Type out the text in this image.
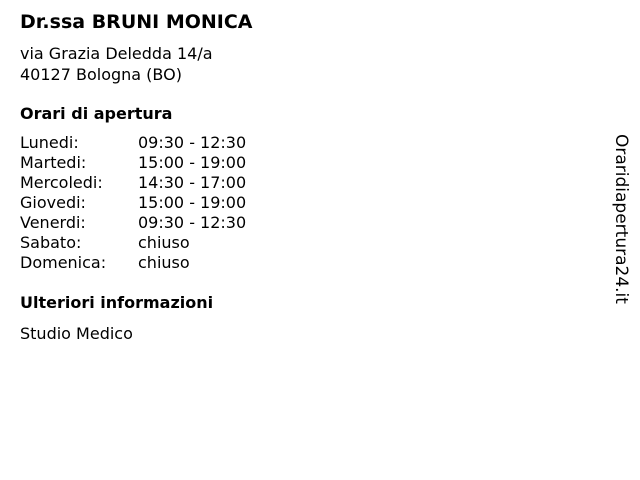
Dr.ssa BRUNI MONICA
via Grazia Deledda 14/a
40127 Bologna (BO)
Orari di apertura
Lunedi:	09:30 - 12:30
Martedi:	15:00 - 19:00
Mercoledi:	14:30 - 17:00
Giovedi:	15:00 - 19:00
Venerdi:	09:30 - 12:30
Sabato:	chiuso
Domenica:	chiuso
Ulteriori informazioni
Studio Medico
Oraridiapertura24.it
